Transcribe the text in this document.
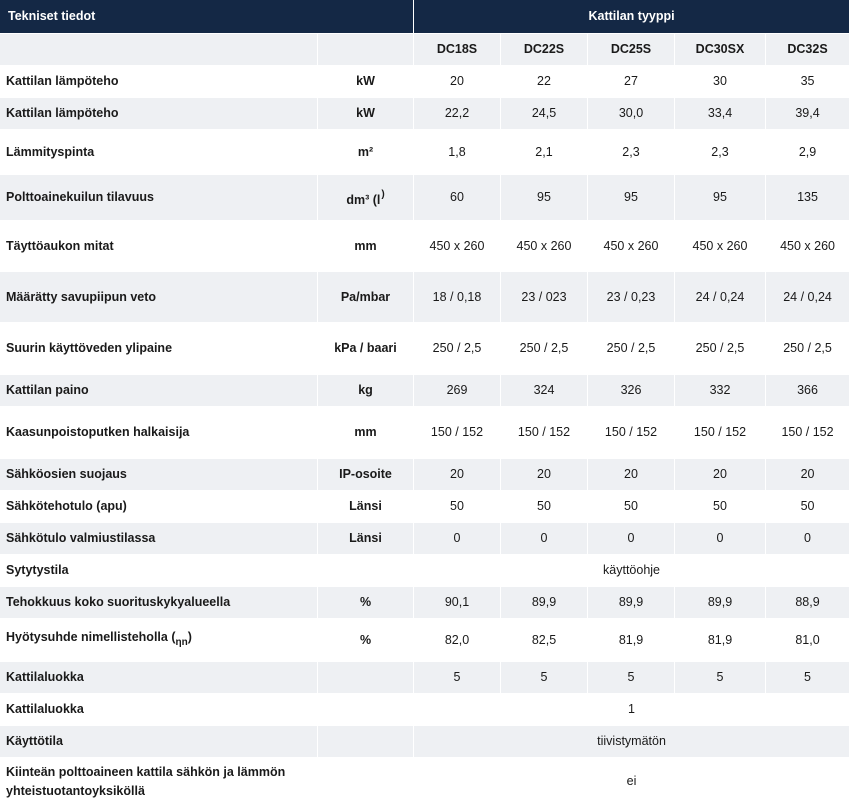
Tekniset tiedot		Kattilan tyyppi				
		DC18S	DC22S	DC25S	DC30SX	DC32S
Kattilan lämpöteho	kW	20	22	27	30	35
Kattilan lämpöteho	kW	22,2	24,5	30,0	33,4	39,4
Lämmityspinta	m²	1,8	2,1	2,3	2,3	2,9
Polttoainekuilun tilavuus	dm³ (l)	60	95	95	95	135
Täyttöaukon mitat	mm	450 x 260	450 x 260	450 x 260	450 x 260	450 x 260
Määrätty savupiipun veto	Pa/mbar	18 / 0,18	23 / 023	23 / 0,23	24 / 0,24	24 / 0,24
Suurin käyttöveden ylipaine	kPa / baari	250 / 2,5	250 / 2,5	250 / 2,5	250 / 2,5	250 / 2,5
Kattilan paino	kg	269	324	326	332	366
Kaasunpoistoputken halkaisija	mm	150 / 152	150 / 152	150 / 152	150 / 152	150 / 152
Sähköosien suojaus	IP-osoite	20	20	20	20	20
Sähkötehotulo (apu)	Länsi	50	50	50	50	50
Sähkötulo valmiustilassa	Länsi	0	0	0	0	0
Sytytystila		käyttöohje				
Tehokkuus koko suorituskykyalueella	%	90,1	89,9	89,9	89,9	88,9
Hyötysuhde nimellisteholla $(_{\eta n})$	%	82,0	82,5	81,9	81,9	81,0
Kattilaluokka		5	5	5	5	5
Kattilaluokka		1				
Käyttötila		tiivistymätön				
Kiinteän polttoaineen kattila sähkön ja lämmön yhteistuotantoyksiköllä		ei				
